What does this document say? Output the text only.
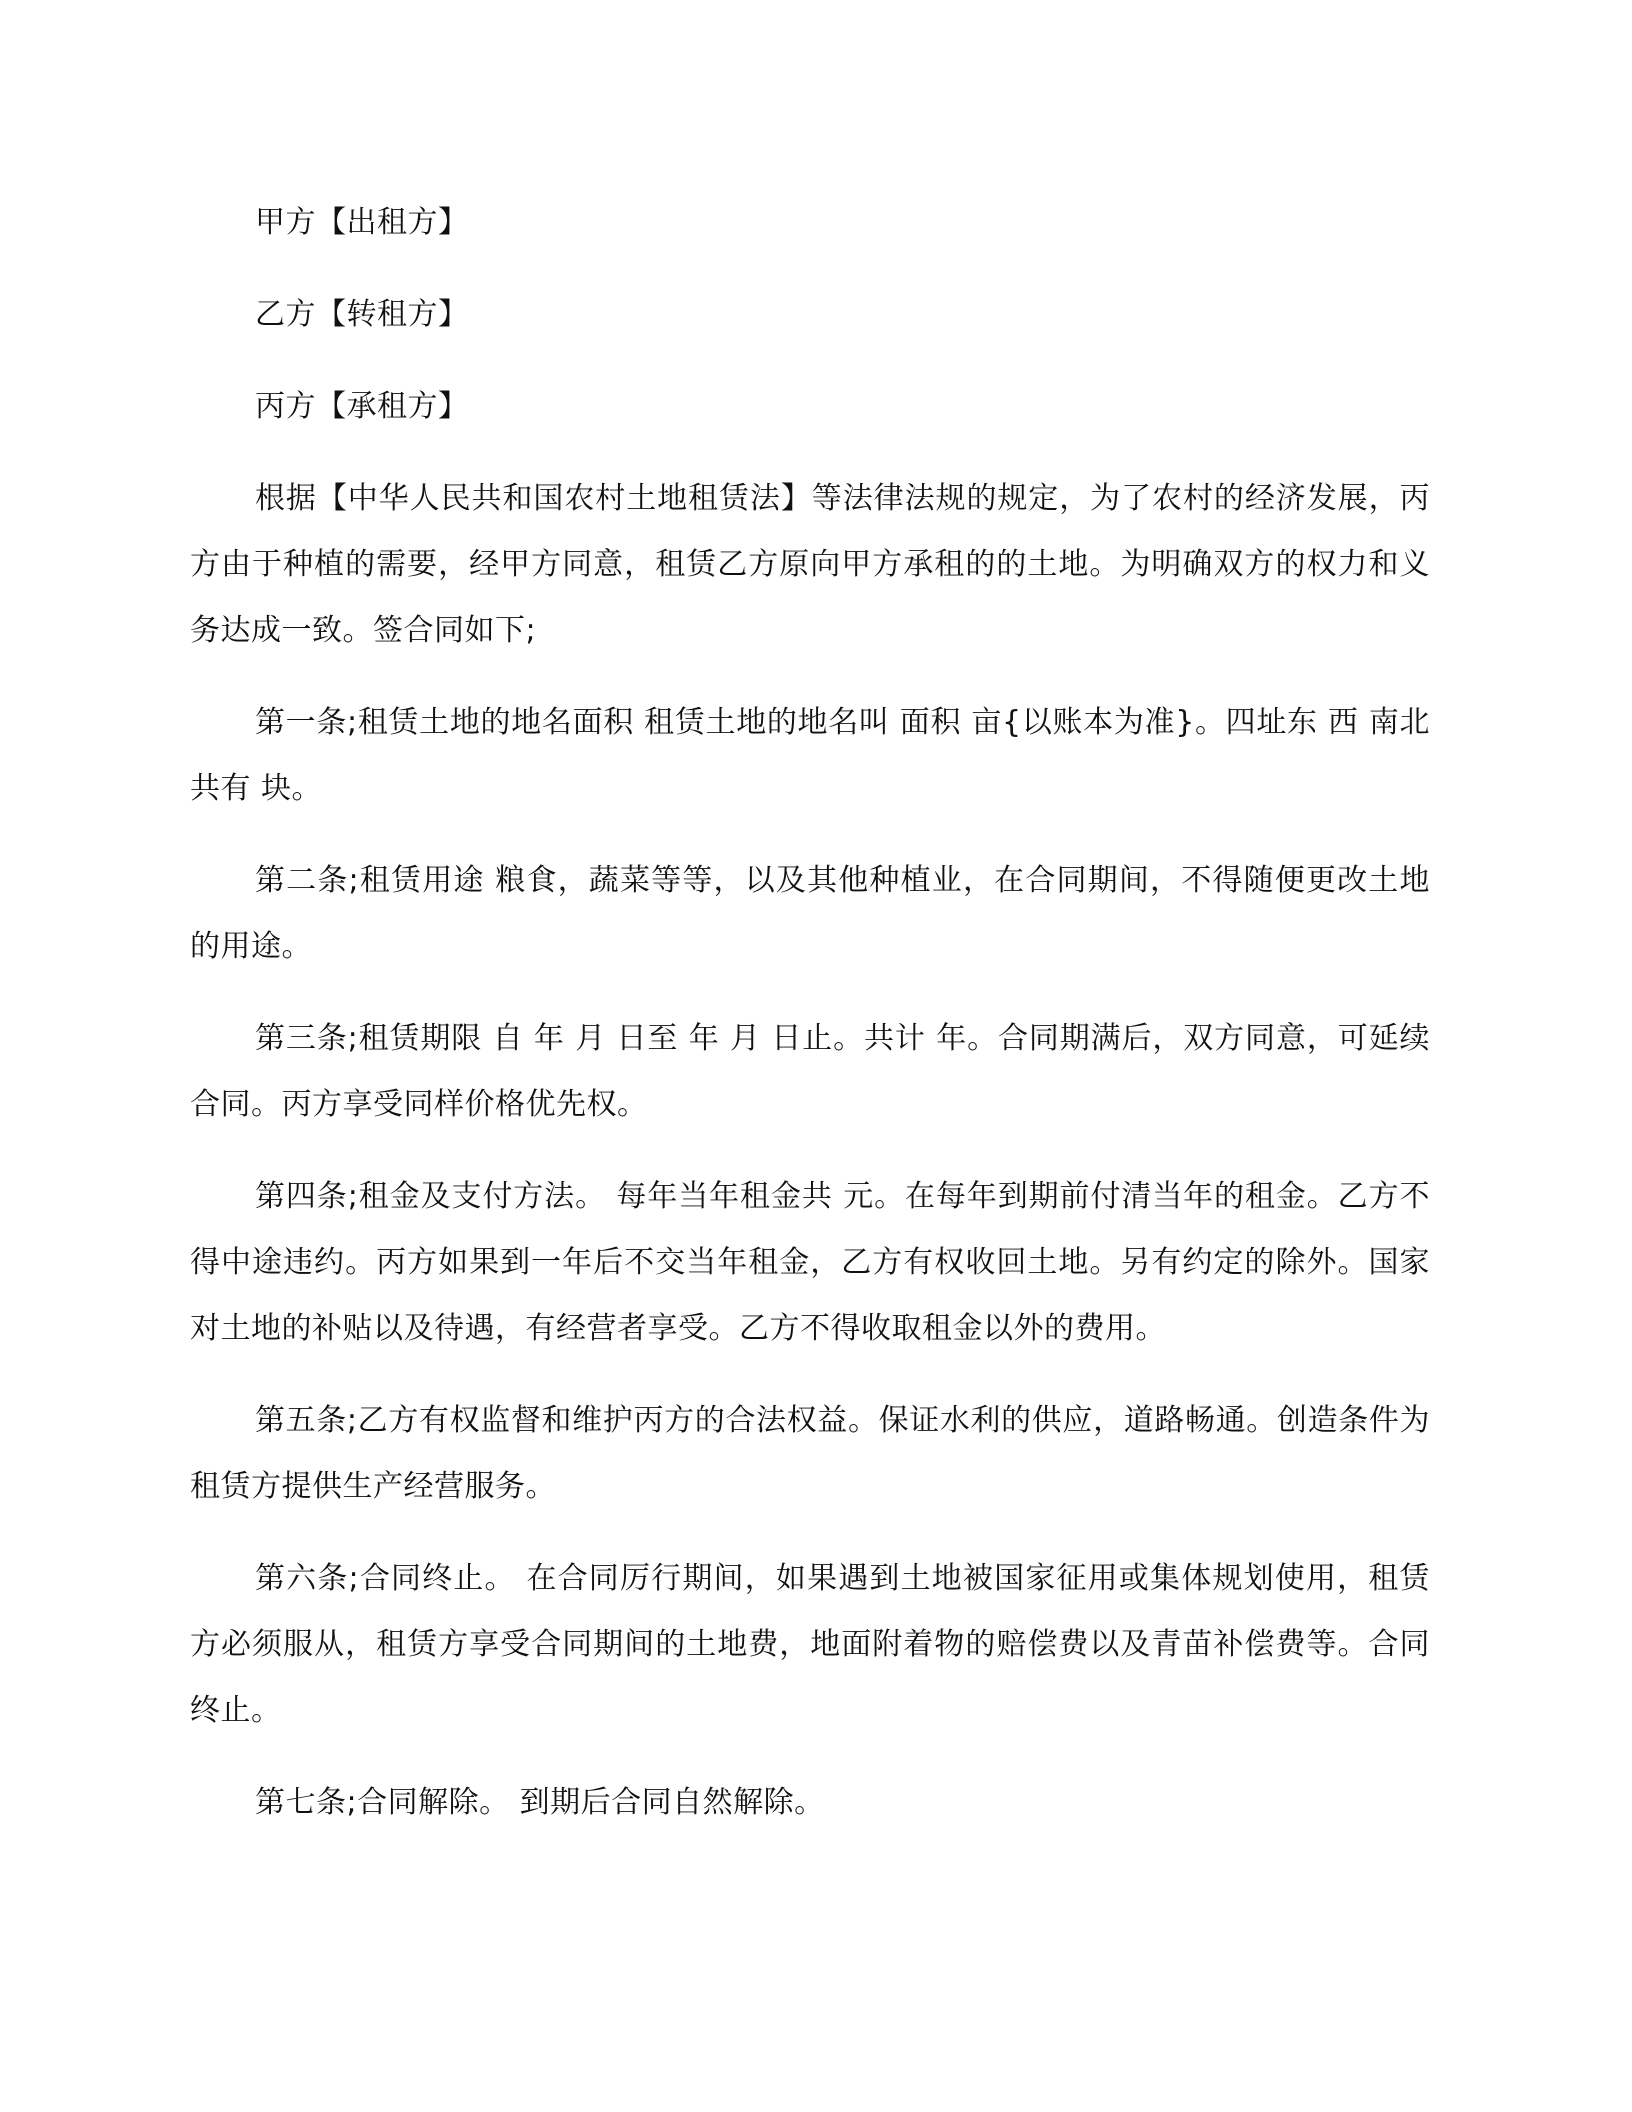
甲方【出租方】

乙方【转租方】

丙方【承租方】

根据【中华人民共和国农村土地租赁法】等法律法规的规定，为了农村的经济发展，丙方由于种植的需要，经甲方同意，租赁乙方原向甲方承租的的土地。为明确双方的权力和义务达成一致。签合同如下;

第一条;租赁土地的地名面积 租赁土地的地名叫 面积 亩{以账本为准}。四址东 西 南北 共有 块。

第二条;租赁用途 粮食，蔬菜等等，以及其他种植业，在合同期间，不得随便更改土地的用途。

第三条;租赁期限 自 年 月 日至 年 月 日止。共计 年。合同期满后，双方同意，可延续合同。丙方享受同样价格优先权。

第四条;租金及支付方法。 每年当年租金共 元。在每年到期前付清当年的租金。乙方不得中途违约。丙方如果到一年后不交当年租金，乙方有权收回土地。另有约定的除外。国家对土地的补贴以及待遇，有经营者享受。乙方不得收取租金以外的费用。

第五条;乙方有权监督和维护丙方的合法权益。保证水利的供应，道路畅通。创造条件为租赁方提供生产经营服务。

第六条;合同终止。 在合同厉行期间，如果遇到土地被国家征用或集体规划使用，租赁方必须服从，租赁方享受合同期间的土地费，地面附着物的赔偿费以及青苗补偿费等。合同终止。

第七条;合同解除。 到期后合同自然解除。
